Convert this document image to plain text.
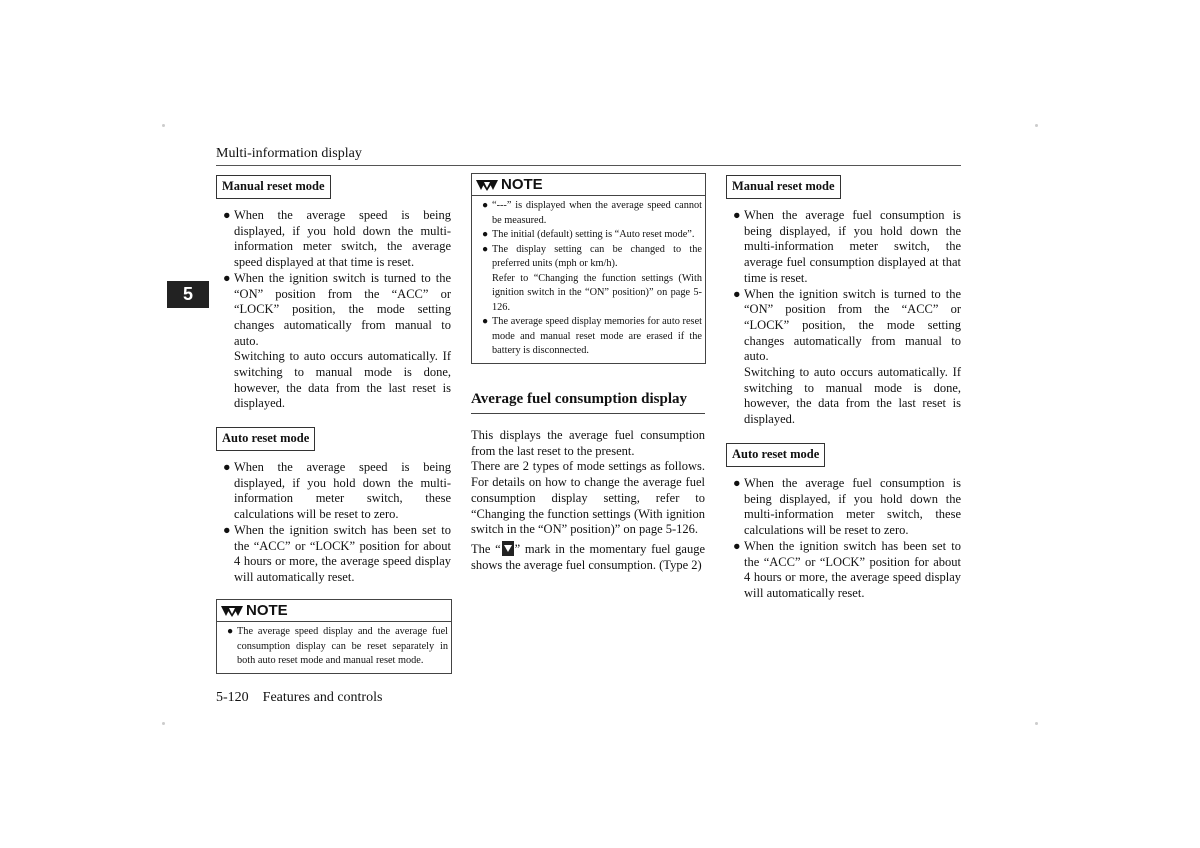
Multi-information display
5
Manual reset mode
● When the average speed is being displayed, if you hold down the multi-information meter switch, the average speed displayed at that time is reset.
● When the ignition switch is turned to the “ON” position from the “ACC” or “LOCK” position, the mode setting changes automatically from manual to auto.
Switching to auto occurs automatically. If switching to manual mode is done, however, the data from the last reset is displayed.
Auto reset mode
● When the average speed is being displayed, if you hold down the multi-information meter switch, these calculations will be reset to zero.
● When the ignition switch has been set to the “ACC” or “LOCK” position for about 4 hours or more, the average speed display will automatically reset.
NOTE
● The average speed display and the average fuel consumption display can be reset separately in both auto reset mode and manual reset mode.
NOTE
● “---” is displayed when the average speed cannot be measured.
● The initial (default) setting is “Auto reset mode”.
● The display setting can be changed to the preferred units (mph or km/h).
Refer to “Changing the function settings (With ignition switch in the “ON” position)” on page 5-126.
● The average speed display memories for auto reset mode and manual reset mode are erased if the battery is disconnected.
Average fuel consumption display
This displays the average fuel consumption from the last reset to the present.
There are 2 types of mode settings as follows. For details on how to change the average fuel consumption display setting, refer to “Changing the function settings (With ignition switch in the “ON” position)” on page 5-126.
The “ ” mark in the momentary fuel gauge shows the average fuel consumption. (Type 2)
Manual reset mode
● When the average fuel consumption is being displayed, if you hold down the multi-information meter switch, the average fuel consumption displayed at that time is reset.
● When the ignition switch is turned to the “ON” position from the “ACC” or “LOCK” position, the mode setting changes automatically from manual to auto.
Switching to auto occurs automatically. If switching to manual mode is done, however, the data from the last reset is displayed.
Auto reset mode
● When the average fuel consumption is being displayed, if you hold down the multi-information meter switch, these calculations will be reset to zero.
● When the ignition switch has been set to the “ACC” or “LOCK” position for about 4 hours or more, the average speed display will automatically reset.
5-120 Features and controls
